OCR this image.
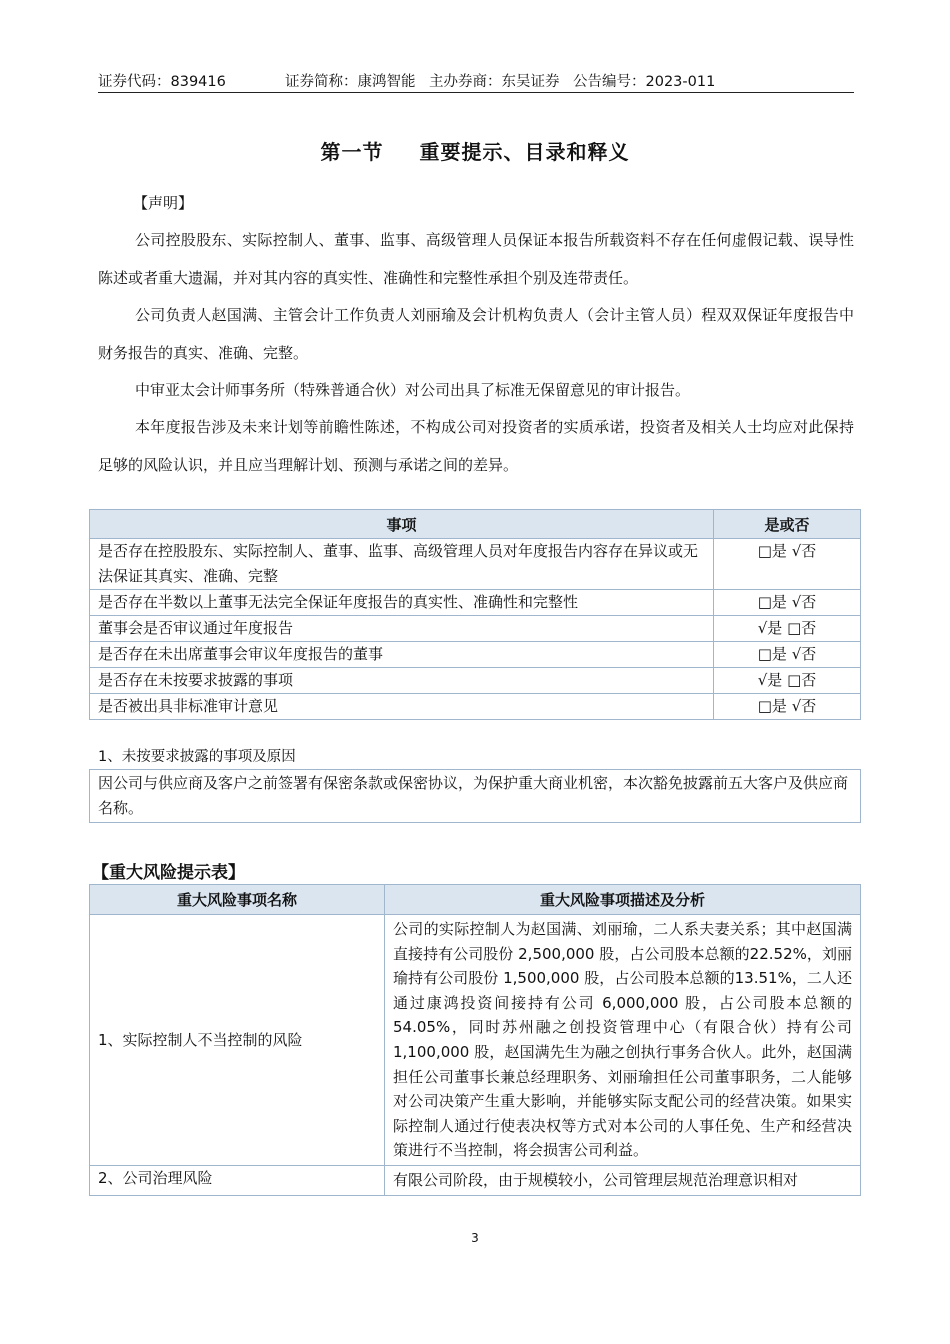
证券代码：839416	证券简称：康鸿智能 主办券商：东吴证券 公告编号：2023-011
第一节 重要提示、目录和释义
【声明】
公司控股股东、实际控制人、董事、监事、高级管理人员保证本报告所载资料不存在任何虚假记载、误导性陈述或者重大遗漏，并对其内容的真实性、准确性和完整性承担个别及连带责任。
公司负责人赵国满、主管会计工作负责人刘丽瑜及会计机构负责人（会计主管人员）程双双保证年度报告中财务报告的真实、准确、完整。
中审亚太会计师事务所（特殊普通合伙）对公司出具了标准无保留意见的审计报告。
本年度报告涉及未来计划等前瞻性陈述，不构成公司对投资者的实质承诺，投资者及相关人士均应对此保持足够的风险认识，并且应当理解计划、预测与承诺之间的差异。
事项	是或否
是否存在控股股东、实际控制人、董事、监事、高级管理人员对年度报告内容存在异议或无法保证其真实、准确、完整	□是 √否
是否存在半数以上董事无法完全保证年度报告的真实性、准确性和完整性	□是 √否
董事会是否审议通过年度报告	√是 □否
是否存在未出席董事会审议年度报告的董事	□是 √否
是否存在未按要求披露的事项	√是 □否
是否被出具非标准审计意见	□是 √否
1、未按要求披露的事项及原因
因公司与供应商及客户之前签署有保密条款或保密协议，为保护重大商业机密，本次豁免披露前五大客户及供应商名称。
【重大风险提示表】
重大风险事项名称	重大风险事项描述及分析
1、实际控制人不当控制的风险	公司的实际控制人为赵国满、刘丽瑜，二人系夫妻关系；其中赵国满直接持有公司股份 2,500,000 股，占公司股本总额的22.52%，刘丽瑜持有公司股份 1,500,000 股，占公司股本总额的13.51%，二人还通过康鸿投资间接持有公司 6,000,000 股，占公司股本总额的 54.05%，同时苏州融之创投资管理中心（有限合伙）持有公司 1,100,000 股，赵国满先生为融之创执行事务合伙人。此外，赵国满担任公司董事长兼总经理职务、刘丽瑜担任公司董事职务，二人能够对公司决策产生重大影响，并能够实际支配公司的经营决策。如果实际控制人通过行使表决权等方式对本公司的人事任免、生产和经营决策进行不当控制，将会损害公司利益。
2、公司治理风险	有限公司阶段，由于规模较小，公司管理层规范治理意识相对
3
